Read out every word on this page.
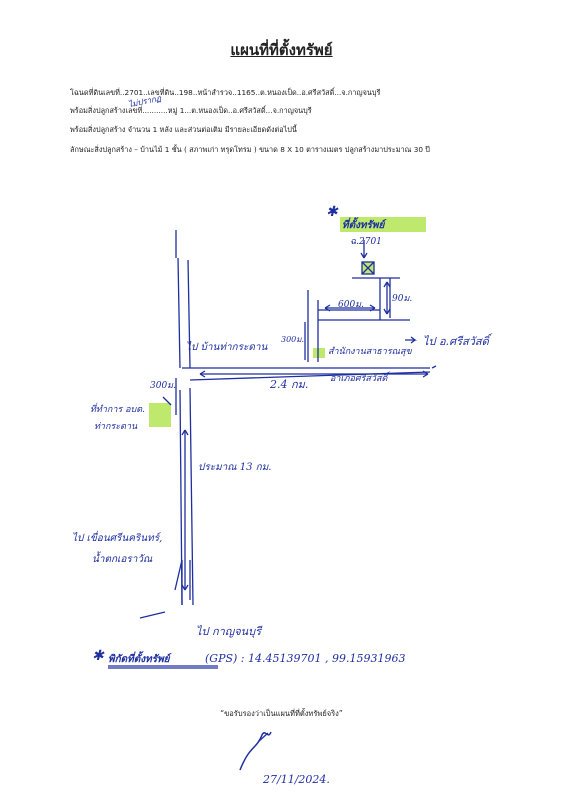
แผนที่ที่ตั้งทรัพย์
โฉนดที่ดินเลขที่..2701..เลขที่ดิน..198..หน้าสำรวจ..1165..ต.หนองเป็ด..อ.ศรีสวัสดิ์...จ.กาญจนบุรี
พร้อมสิ่งปลูกสร้างเลขที่...........หมู่ 1...ต.หนองเป็ด..อ.ศรีสวัสดิ์...จ.กาญจนบุรี
ไม่ปรากฏ
พร้อมสิ่งปลูกสร้าง จำนวน 1 หลัง และส่วนต่อเติม มีรายละเอียดดังต่อไปนี้
ลักษณะสิ่งปลูกสร้าง – บ้านไม้ 1 ชั้น ( สภาพเก่า ทรุดโทรม ) ขนาด 8 X 10 ตารางเมตร ปลูกสร้างมาประมาณ 30 ปี
✱
ที่ตั้งทรัพย์
ฉ.2701
90ม.
600ม.
300ม.
ไป บ้านท่ากระดาน	สำนักงานสาธารณสุข
อำเภอศรีสวัสดิ์
ไป อ.ศรีสวัสดิ์
300ม.	2.4 กม.
ที่ทำการ อบต.
ท่ากระดาน
ประมาณ 13 กม.
ไป เขื่อนศรีนครินทร์,
น้ำตกเอราวัณ
ไป กาญจนบุรี
✱ พิกัดที่ตั้งทรัพย์	(GPS) : 14.45139701 , 99.15931963
“ขอรับรองว่าเป็นแผนที่ที่ตั้งทรัพย์จริง”
27/11/2024.
